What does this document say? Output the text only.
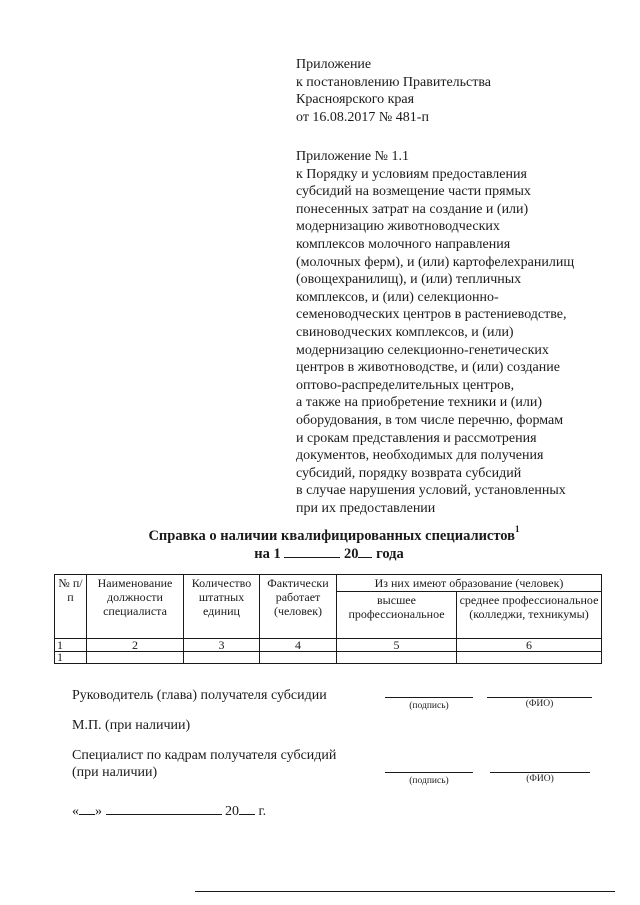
Приложение
к постановлению Правительства
Красноярского края
от 16.08.2017 № 481-п
Приложение № 1.1
к Порядку и условиям предоставления
субсидий на возмещение части прямых
понесенных затрат на создание и (или)
модернизацию животноводческих
комплексов молочного направления
(молочных ферм), и (или) картофелехранилищ
(овощехранилищ), и (или) тепличных
комплексов, и (или) селекционно-
семеноводческих центров в растениеводстве,
свиноводческих комплексов, и (или)
модернизацию селекционно-генетических
центров в животноводстве, и (или) создание
оптово-распределительных центров,
а также на приобретение техники и (или)
оборудования, в том числе перечню, формам
и срокам представления и рассмотрения
документов, необходимых для получения
субсидий, порядку возврата субсидий
в случае нарушения условий, установленных
при их предоставлении
Справка о наличии квалифицированных специалистов$^1$
на 1	20 года
№ п/п	Наименование должности специалиста	Количество штатных единиц	Фактически работает (человек)	Из них имеют образование (человек)	
				высшее профессиональное	среднее профессиональное (колледжи, техникумы)
1	2	3	4	5	6
1					
Руководитель (глава) получателя субсидии
(подпись)	(ФИО)
М.П. (при наличии)
Специалист по кадрам получателя субсидий
(при наличии)
(подпись)	(ФИО)
« »	20 г.
